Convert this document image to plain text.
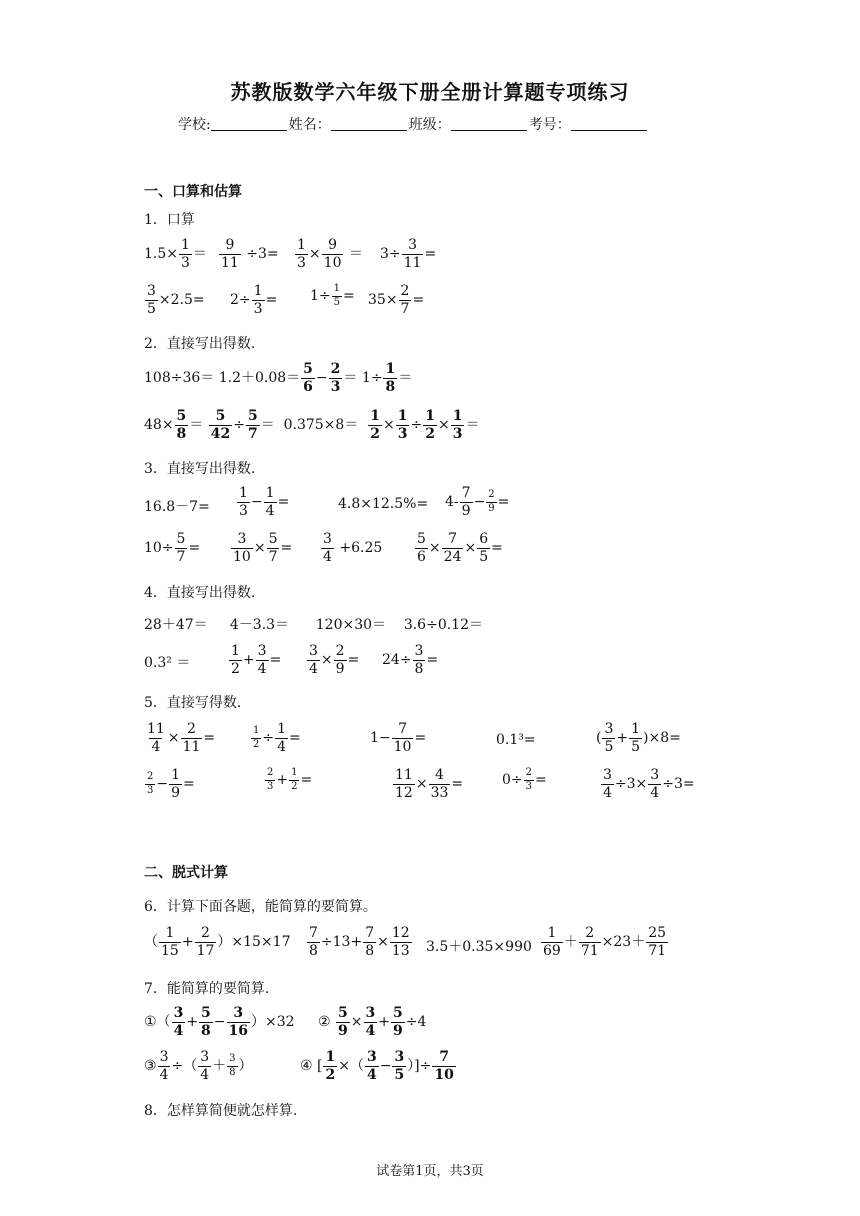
苏教版数学六年级下册全册计算题专项练习
学校:	姓名：	班级：	考号：
一、口算和估算
1．口算
$1.5\times \frac{1}{3} = \frac{9}{11} \div 3= \frac{1}{3} \times \frac{9}{10} = 3\div \frac{3}{11}$ =
$\frac{3}{5} \times 2.5= 2\div \frac{1}{3} = 1\div \frac{1}{5} = 35\times \frac{2}{7}$ =
2．直接写出得数.
$108\div 36= 1.2+0.08= \frac{5}{6} - \frac{2}{3} = 1\div \frac{1}{8}$ ＝
$48\times \frac{5}{8} = \frac{5}{42} \div \frac{5}{7} = 0.375\times 8= \frac{1}{2} \times \frac{1}{3} \div \frac{1}{2} \times \frac{1}{3}$ ＝
3．直接写出得数.
$16.8-7= \frac{1}{3} - \frac{1}{4}$ =	$4.8\times 12.5\%= 4- \frac{7}{9} - \frac{2}{9}$ =
$10\div \frac{5}{7} = \frac{3}{10} \times \frac{5}{7} = \frac{3}{4} +6.25 \frac{5}{6} \times \frac{7}{24} \times \frac{6}{5}$ =
4．直接写出得数.
28＋47＝     4－3.3＝      120×30＝    3.6÷0.12＝
0.3² ＝	$\frac{1}{2} + \frac{3}{4} = \frac{3}{4} \times \frac{2}{9} = 24\div \frac{3}{8}$ =
5．直接写得数.
$\frac{11}{4} \times \frac{2}{11}$ =	$\frac{1}{2} \div \frac{1}{4}$ =	$1- \frac{7}{10}$ =	0.1³=	( $\frac{3}{5} + \frac{1}{5} )\times 8=$
$\frac{2}{3} - \frac{1}{9}$ =	$\frac{2}{3} + \frac{1}{2}$ =	$\frac{11}{12} \times \frac{4}{33}$ =	$0\div \frac{2}{3}$ =	$\frac{3}{4} \div 3\times \frac{3}{4} \div 3=$
二、脱式计算
6．计算下面各题，能简算的要简算。
（ $\frac{1}{15} + \frac{2}{17} )\times 15\times 17 \frac{7}{8} \div 13+ \frac{7}{8} \times \frac{12}{13} 3.5+0.35\times 990 \frac{1}{69} + \frac{2}{71} \times 23+ \frac{25}{71}$
7．能简算的要简算.
①（ $\frac{3}{4} + \frac{5}{8} - \frac{3}{16} )\times 32$ ② $\frac{5}{9} \times \frac{3}{4} + \frac{5}{9} \div 4$
③ $\frac{3}{4}$ ÷（ $\frac{3}{4} + \frac{3}{8}$ ）	④ [ $\frac{1}{2}$ ×（ $\frac{3}{4} - \frac{3}{5}$ ）]÷ $\frac{7}{10}$
8．怎样算简便就怎样算.
试卷第1页，共3页
